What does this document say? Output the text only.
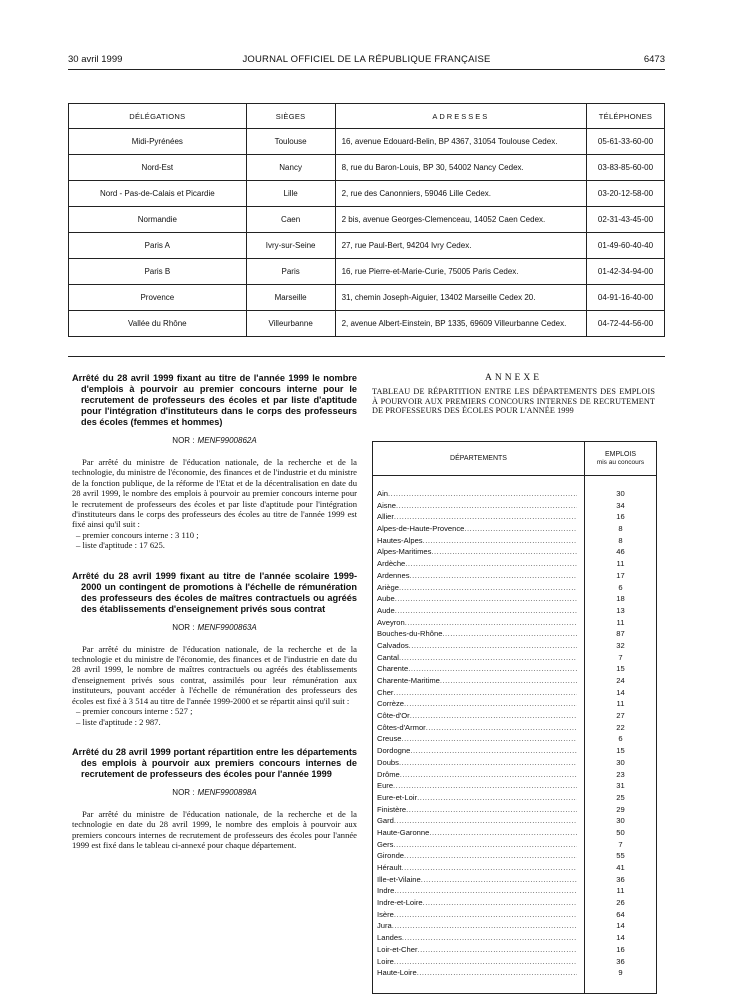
30 avril 1999	JOURNAL OFFICIEL DE LA RÉPUBLIQUE FRANÇAISE	6473
DÉLÉGATIONS	SIÈGES	ADRESSES	TÉLÉPHONES
Midi-Pyrénées	Toulouse	16, avenue Edouard-Belin, BP 4367, 31054 Toulouse Cedex.	05-61-33-60-00
Nord-Est	Nancy	8, rue du Baron-Louis, BP 30, 54002 Nancy Cedex.	03-83-85-60-00
Nord - Pas-de-Calais et Picardie	Lille	2, rue des Canonniers, 59046 Lille Cedex.	03-20-12-58-00
Normandie	Caen	2 bis, avenue Georges-Clemenceau, 14052 Caen Cedex.	02-31-43-45-00
Paris A	Ivry-sur-Seine	27, rue Paul-Bert, 94204 Ivry Cedex.	01-49-60-40-40
Paris B	Paris	16, rue Pierre-et-Marie-Curie, 75005 Paris Cedex.	01-42-34-94-00
Provence	Marseille	31, chemin Joseph-Aiguier, 13402 Marseille Cedex 20.	04-91-16-40-00
Vallée du Rhône	Villeurbanne	2, avenue Albert-Einstein, BP 1335, 69609 Villeurbanne Cedex.	04-72-44-56-00

Arrêté du 28 avril 1999 fixant au titre de l'année 1999 le nombre d'emplois à pourvoir au premier concours interne pour le recrutement de professeurs des écoles et par liste d'aptitude pour l'intégration d'instituteurs dans le corps des professeurs des écoles (femmes et hommes)

NOR : MENF9900862A

Par arrêté du ministre de l'éducation nationale, de la recherche et de la technologie, du ministre de l'économie, des finances et de l'industrie et du ministre de la fonction publique, de la réforme de l'Etat et de la décentralisation en date du 28 avril 1999, le nombre des emplois à pourvoir au premier concours interne pour le recrutement de professeurs des écoles et par liste d'aptitude pour l'intégration d'instituteurs dans le corps des professeurs des écoles au titre de l'année 1999 est fixé ainsi qu'il suit :

– premier concours interne : 3 110 ;

– liste d'aptitude : 17 625.

Arrêté du 28 avril 1999 fixant au titre de l'année scolaire 1999-2000 un contingent de promotions à l'échelle de rémunération des professeurs des écoles de maîtres contractuels ou agréés des établissements d'enseignement privés sous contrat

NOR : MENF9900863A

Par arrêté du ministre de l'éducation nationale, de la recherche et de la technologie et du ministre de l'économie, des finances et de l'industrie en date du 28 avril 1999, le nombre de maîtres contractuels ou agréés des établissements d'enseignement privés sous contrat, assimilés pour leur rémunération aux instituteurs, pouvant accéder à l'échelle de rémunération des professeurs des écoles est fixé à 3 514 au titre de l'année 1999-2000 et se répartit ainsi qu'il suit :

– premier concours interne : 527 ;

– liste d'aptitude : 2 987.

Arrêté du 28 avril 1999 portant répartition entre les départements des emplois à pourvoir aux premiers concours internes de recrutement de professeurs des écoles pour l'année 1999

NOR : MENF9900898A

Par arrêté du ministre de l'éducation nationale, de la recherche et de la technologie en date du 28 avril 1999, le nombre des emplois à pourvoir aux premiers concours internes de recrutement de professeurs des écoles pour l'année 1999 est fixé dans le tableau ci-annexé pour chaque département.

ANNEXE

TABLEAU DE RÉPARTITION ENTRE LES DÉPARTEMENTS DES EMPLOIS À POURVOIR AUX PREMIERS CONCOURS INTERNES DE RECRUTEMENT DE PROFESSEURS DES ÉCOLES POUR L'ANNÉE 1999

DÉPARTEMENTS
EMPLOIS
mis au concours
Ain .....	30
Aisne .....	34
Allier .....	16
Alpes-de-Haute-Provence .....	8
Hautes-Alpes .....	8
Alpes-Maritimes .....	46
Ardèche .....	11
Ardennes .....	17
Ariège .....	6
Aube .....	18
Aude .....	13
Aveyron .....	11
Bouches-du-Rhône .....	87
Calvados .....	32
Cantal .....	7
Charente .....	15
Charente-Maritime .....	24
Cher .....	14
Corrèze .....	11
Côte-d'Or .....	27
Côtes-d'Armor .....	22
Creuse .....	6
Dordogne .....	15
Doubs .....	30
Drôme .....	23
Eure .....	31
Eure-et-Loir .....	25
Finistère .....	29
Gard .....	30
Haute-Garonne .....	50
Gers .....	7
Gironde .....	55
Hérault .....	41
Ille-et-Vilaine .....	36
Indre .....	11
Indre-et-Loire .....	26
Isère .....	64
Jura .....	14
Landes .....	14
Loir-et-Cher .....	16
Loire .....	36
Haute-Loire .....	9
